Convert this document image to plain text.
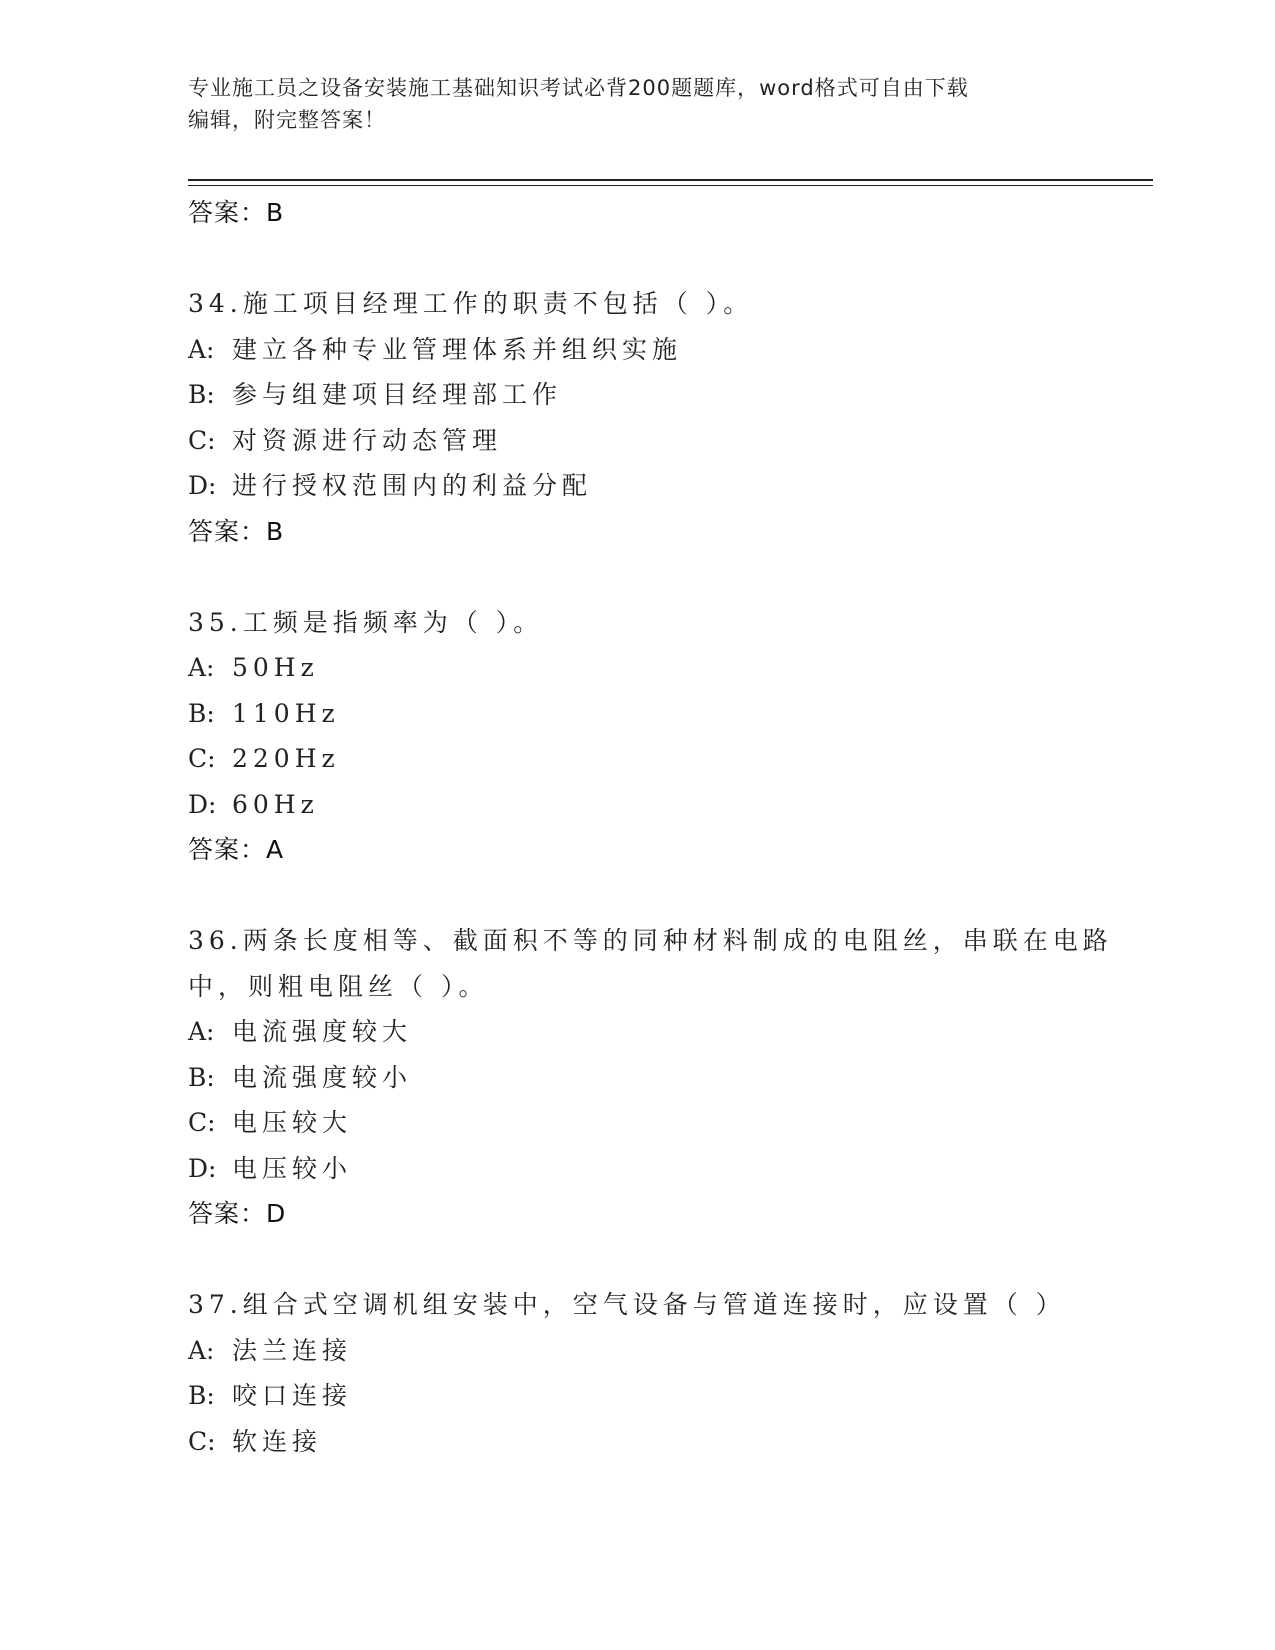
专业施工员之设备安装施工基础知识考试必背200题题库，word格式可自由下载
编辑，附完整答案！
答案：B
34.施工项目经理工作的职责不包括（ ）。
A: 建立各种专业管理体系并组织实施
B: 参与组建项目经理部工作
C: 对资源进行动态管理
D: 进行授权范围内的利益分配
答案：B
35.工频是指频率为（ ）。
A: 50Hz
B: 110Hz
C: 220Hz
D: 60Hz
答案：A
36.两条长度相等、截面积不等的同种材料制成的电阻丝，串联在电路
中，则粗电阻丝（ ）。
A: 电流强度较大
B: 电流强度较小
C: 电压较大
D: 电压较小
答案：D
37.组合式空调机组安装中，空气设备与管道连接时，应设置（ ）
A: 法兰连接
B: 咬口连接
C: 软连接
